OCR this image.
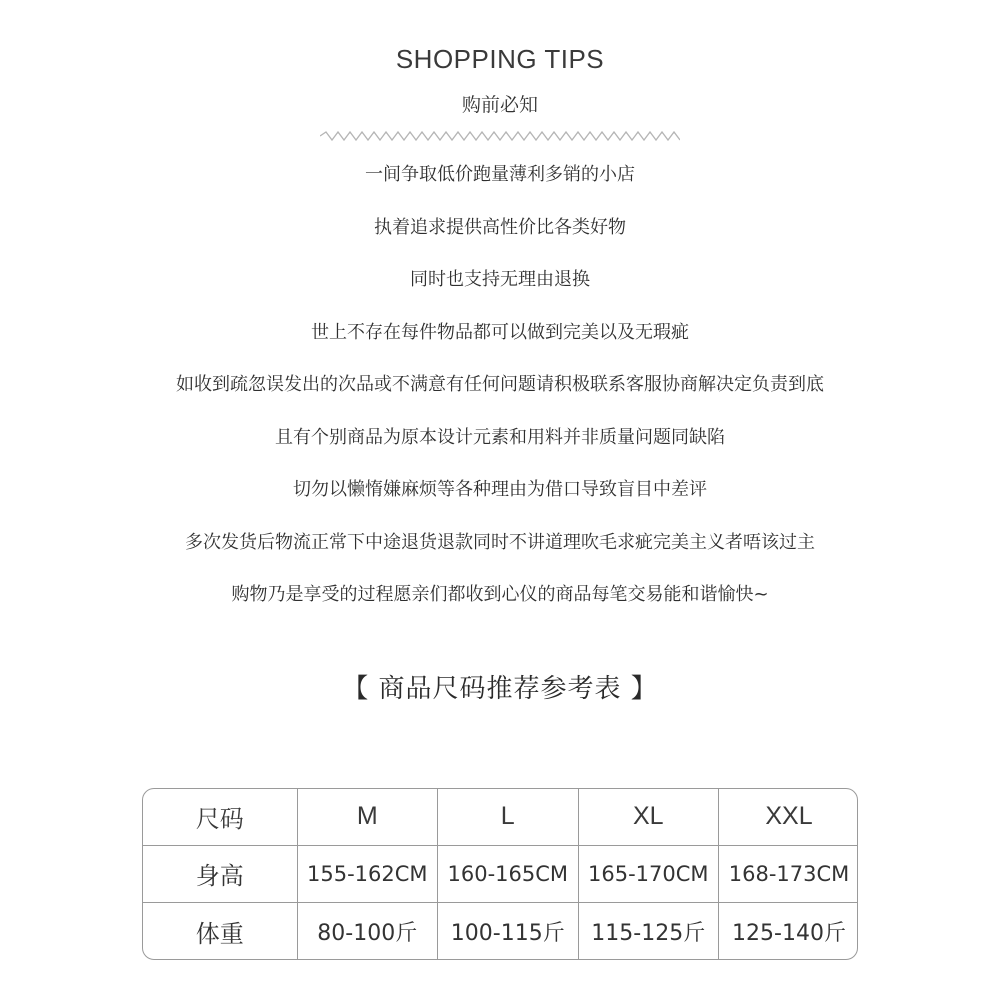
SHOPPING TIPS
购前必知
一间争取低价跑量薄利多销的小店
执着追求提供高性价比各类好物
同时也支持无理由退换
世上不存在每件物品都可以做到完美以及无瑕疵
如收到疏忽误发出的次品或不满意有任何问题请积极联系客服协商解决定负责到底
且有个别商品为原本设计元素和用料并非质量问题同缺陷
切勿以懒惰嫌麻烦等各种理由为借口导致盲目中差评
多次发货后物流正常下中途退货退款同时不讲道理吹毛求疵完美主义者唔该过主
购物乃是享受的过程愿亲们都收到心仪的商品每笔交易能和谐愉快~
【 商品尺码推荐参考表 】
尺码	M	L	XL	XXL
身高	155-162CM	160-165CM	165-170CM	168-173CM
体重	80-100斤	100-115斤	115-125斤	125-140斤
